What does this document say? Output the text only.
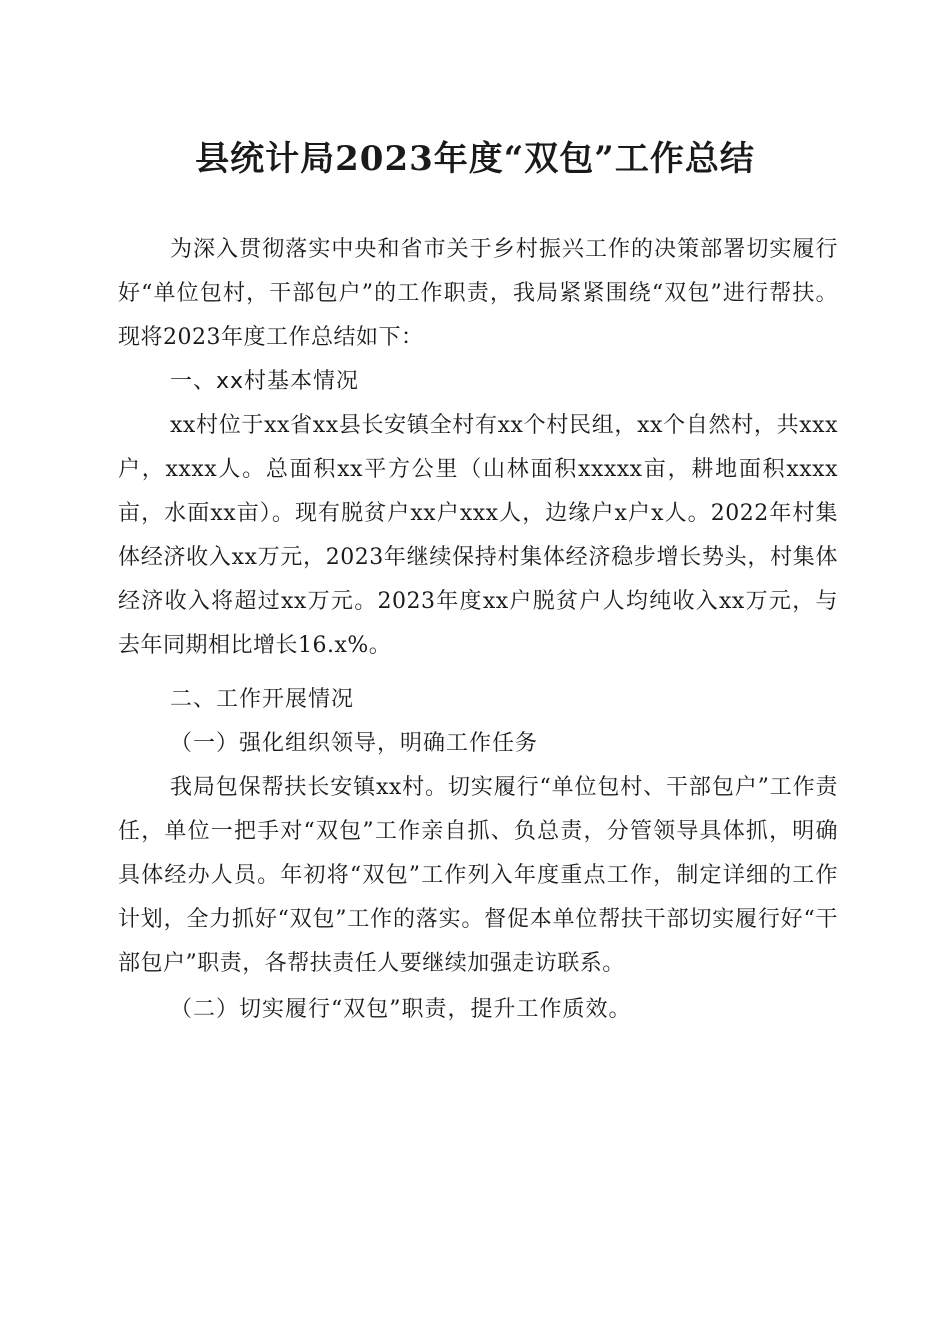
县统计局2023年度“双包”工作总结

为深入贯彻落实中央和省市关于乡村振兴工作的决策部署切实履行好“单位包村，干部包户”的工作职责，我局紧紧围绕“双包”进行帮扶。现将2023年度工作总结如下：

一、xx村基本情况

xx村位于xx省xx县长安镇全村有xx个村民组，xx个自然村，共xxx户，xxxx人。总面积xx平方公里（山林面积xxxxx亩，耕地面积xxxx亩，水面xx亩）。现有脱贫户xx户xxx人，边缘户x户x人。2022年村集体经济收入xx万元，2023年继续保持村集体经济稳步增长势头，村集体经济收入将超过xx万元。2023年度xx户脱贫户人均纯收入xx万元，与去年同期相比增长16.x%。

二、工作开展情况

（一）强化组织领导，明确工作任务

我局包保帮扶长安镇xx村。切实履行“单位包村、干部包户”工作责任，单位一把手对“双包”工作亲自抓、负总责，分管领导具体抓，明确具体经办人员。年初将“双包”工作列入年度重点工作，制定详细的工作计划，全力抓好“双包”工作的落实。督促本单位帮扶干部切实履行好“干部包户”职责，各帮扶责任人要继续加强走访联系。

（二）切实履行“双包”职责，提升工作质效。
